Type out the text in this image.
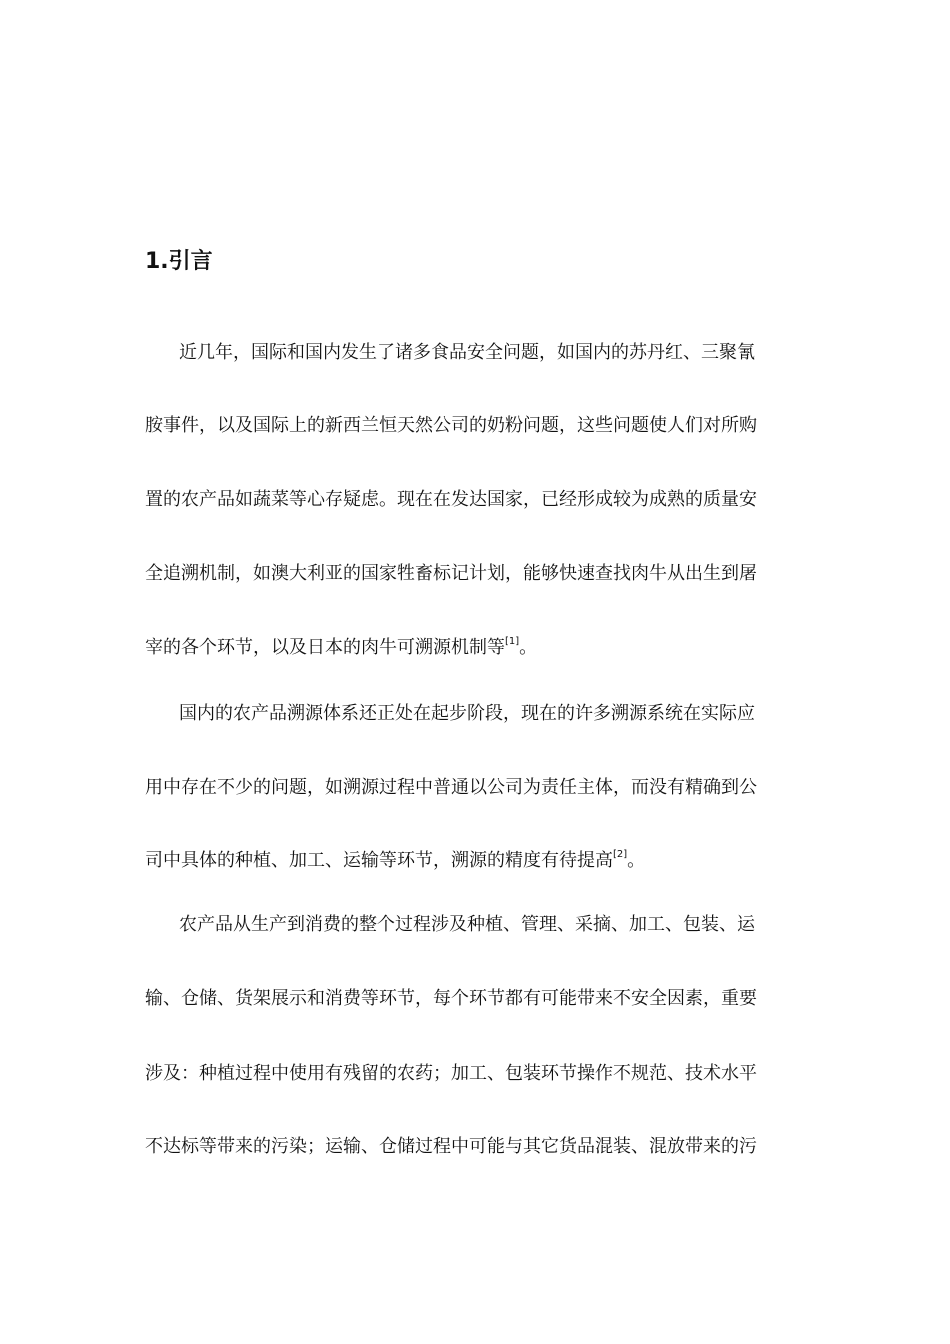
1.引言
近几年，国际和国内发生了诸多食品安全问题，如国内的苏丹红、三聚氰
胺事件，以及国际上的新西兰恒天然公司的奶粉问题，这些问题使人们对所购
置的农产品如蔬菜等心存疑虑。现在在发达国家，已经形成较为成熟的质量安
全追溯机制，如澳大利亚的国家牲畜标记计划，能够快速查找肉牛从出生到屠
宰的各个环节，以及日本的肉牛可溯源机制等[1]。
国内的农产品溯源体系还正处在起步阶段，现在的许多溯源系统在实际应
用中存在不少的问题，如溯源过程中普通以公司为责任主体，而没有精确到公
司中具体的种植、加工、运输等环节，溯源的精度有待提高[2]。
农产品从生产到消费的整个过程涉及种植、管理、采摘、加工、包装、运
输、仓储、货架展示和消费等环节，每个环节都有可能带来不安全因素，重要
涉及：种植过程中使用有残留的农药；加工、包装环节操作不规范、技术水平
不达标等带来的污染；运输、仓储过程中可能与其它货品混装、混放带来的污
